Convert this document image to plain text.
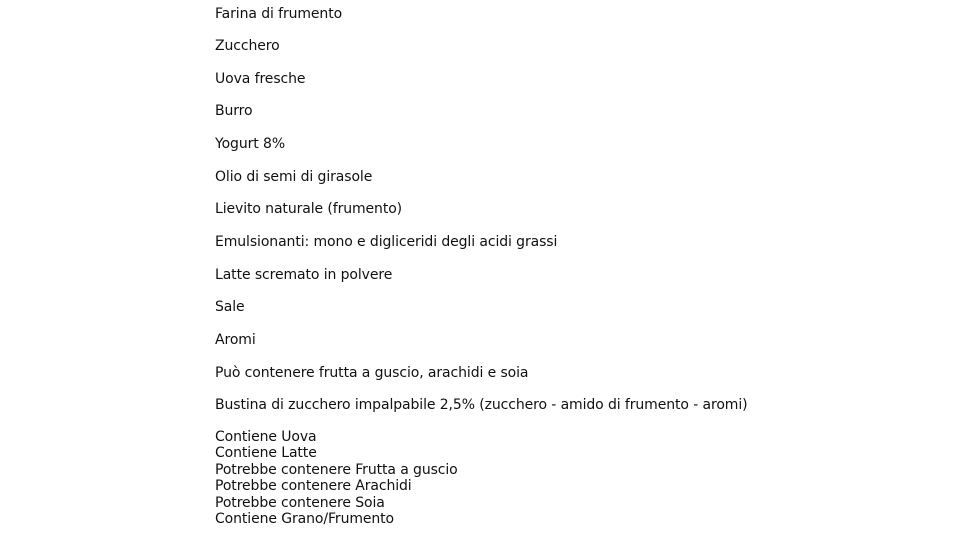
Farina di frumento
Zucchero
Uova fresche
Burro
Yogurt 8%
Olio di semi di girasole
Lievito naturale (frumento)
Emulsionanti: mono e digliceridi degli acidi grassi
Latte scremato in polvere
Sale
Aromi
Può contenere frutta a guscio, arachidi e soia
Bustina di zucchero impalpabile 2,5% (zucchero - amido di frumento - aromi)
Contiene Uova
Contiene Latte
Potrebbe contenere Frutta a guscio
Potrebbe contenere Arachidi
Potrebbe contenere Soia
Contiene Grano/Frumento
